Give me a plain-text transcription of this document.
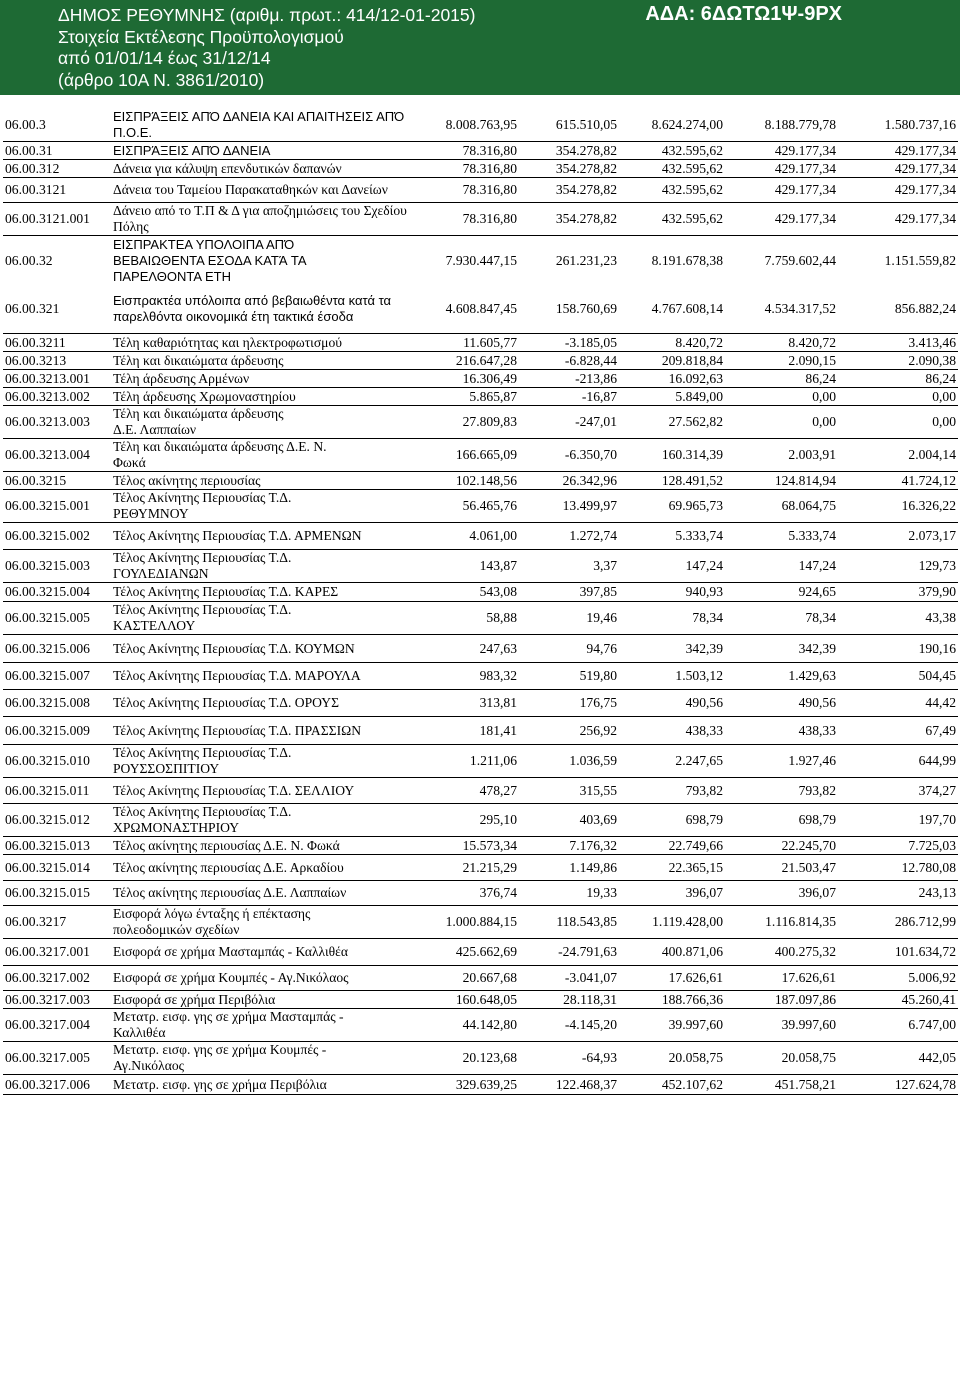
ΔΗΜΟΣ ΡΕΘΥΜΝΗΣ (αριθμ. πρωτ.: 414/12-01-2015)
Στοιχεία Εκτέλεσης Προϋπολογισμού
από 01/01/14 έως 31/12/14
(άρθρο 10Α Ν. 3861/2010)
ΑΔΑ: 6ΔΩΤΩ1Ψ-9ΡΧ
06.00.3	ΕΙΣΠΡΆΞΕΙΣ ΑΠΌ ΔΑΝΕΙΑ ΚΑΙ ΑΠΑΙΤΗΣΕΙΣ ΑΠΌ Π.Ο.Ε.	8.008.763,95	615.510,05	8.624.274,00	8.188.779,78	1.580.737,16
06.00.31	ΕΙΣΠΡΆΞΕΙΣ ΑΠΌ ΔΑΝΕΙΑ	78.316,80	354.278,82	432.595,62	429.177,34	429.177,34
06.00.312	Δάνεια για κάλυψη επενδυτικών δαπανών	78.316,80	354.278,82	432.595,62	429.177,34	429.177,34
06.00.3121	Δάνεια του Ταμείου Παρακαταθηκών και Δανείων	78.316,80	354.278,82	432.595,62	429.177,34	429.177,34
06.00.3121.001	Δάνειο από το Τ.Π & Δ για αποζημιώσεις του Σχεδίου Πόλης	78.316,80	354.278,82	432.595,62	429.177,34	429.177,34
06.00.32	ΕΙΣΠΡΑΚΤΕΑ ΥΠΟΛΟΙΠΑ ΑΠΌ ΒΕΒΑΙΩΘΕΝΤΑ ΕΣΟΔΑ ΚΑΤΆ ΤΑ ΠΑΡΕΛΘΟΝΤΑ ΕΤΗ	7.930.447,15	261.231,23	8.191.678,38	7.759.602,44	1.151.559,82
06.00.321	Εισπρακτέα υπόλοιπα από βεβαιωθέντα κατά τα παρελθόντα οικονομικά έτη τακτικά έσοδα	4.608.847,45	158.760,69	4.767.608,14	4.534.317,52	856.882,24
06.00.3211	Τέλη καθαριότητας και ηλεκτροφωτισμού	11.605,77	-3.185,05	8.420,72	8.420,72	3.413,46
06.00.3213	Τέλη και δικαιώματα άρδευσης	216.647,28	-6.828,44	209.818,84	2.090,15	2.090,38
06.00.3213.001	Τέλη άρδευσης Αρμένων	16.306,49	-213,86	16.092,63	86,24	86,24
06.00.3213.002	Τέλη άρδευσης Χρωμοναστηρίου	5.865,87	-16,87	5.849,00	0,00	0,00
06.00.3213.003	Τέλη και δικαιώματα άρδευσης Δ.Ε. Λαππαίων	27.809,83	-247,01	27.562,82	0,00	0,00
06.00.3213.004	Τέλη και δικαιώματα άρδευσης Δ.Ε. Ν. Φωκά	166.665,09	-6.350,70	160.314,39	2.003,91	2.004,14
06.00.3215	Τέλος ακίνητης περιουσίας	102.148,56	26.342,96	128.491,52	124.814,94	41.724,12
06.00.3215.001	Τέλος Ακίνητης Περιουσίας Τ.Δ. ΡΕΘΥΜΝΟΥ	56.465,76	13.499,97	69.965,73	68.064,75	16.326,22
06.00.3215.002	Τέλος Ακίνητης Περιουσίας Τ.Δ. ΑΡΜΕΝΩΝ	4.061,00	1.272,74	5.333,74	5.333,74	2.073,17
06.00.3215.003	Τέλος Ακίνητης Περιουσίας Τ.Δ. ΓΟΥΛΕΔΙΑΝΩΝ	143,87	3,37	147,24	147,24	129,73
06.00.3215.004	Τέλος Ακίνητης Περιουσίας Τ.Δ. ΚΑΡΕΣ	543,08	397,85	940,93	924,65	379,90
06.00.3215.005	Τέλος Ακίνητης Περιουσίας Τ.Δ. ΚΑΣΤΕΛΛΟΥ	58,88	19,46	78,34	78,34	43,38
06.00.3215.006	Τέλος Ακίνητης Περιουσίας Τ.Δ. ΚΟΥΜΩΝ	247,63	94,76	342,39	342,39	190,16
06.00.3215.007	Τέλος Ακίνητης Περιουσίας Τ.Δ. ΜΑΡΟΥΛΑ	983,32	519,80	1.503,12	1.429,63	504,45
06.00.3215.008	Τέλος Ακίνητης Περιουσίας Τ.Δ. ΟΡΟΥΣ	313,81	176,75	490,56	490,56	44,42
06.00.3215.009	Τέλος Ακίνητης Περιουσίας Τ.Δ. ΠΡΑΣΣΙΩΝ	181,41	256,92	438,33	438,33	67,49
06.00.3215.010	Τέλος Ακίνητης Περιουσίας Τ.Δ. ΡΟΥΣΣΟΣΠΙΤΙΟΥ	1.211,06	1.036,59	2.247,65	1.927,46	644,99
06.00.3215.011	Τέλος Ακίνητης Περιουσίας Τ.Δ. ΣΕΛΛΙΟΥ	478,27	315,55	793,82	793,82	374,27
06.00.3215.012	Τέλος Ακίνητης Περιουσίας Τ.Δ. ΧΡΩΜΟΝΑΣΤΗΡΙΟΥ	295,10	403,69	698,79	698,79	197,70
06.00.3215.013	Τέλος ακίνητης περιουσίας Δ.Ε. Ν. Φωκά	15.573,34	7.176,32	22.749,66	22.245,70	7.725,03
06.00.3215.014	Τέλος ακίνητης περιουσίας Δ.Ε. Αρκαδίου	21.215,29	1.149,86	22.365,15	21.503,47	12.780,08
06.00.3215.015	Τέλος ακίνητης περιουσίας Δ.Ε. Λαππαίων	376,74	19,33	396,07	396,07	243,13
06.00.3217	Εισφορά λόγω ένταξης ή επέκτασης πολεοδομικών σχεδίων	1.000.884,15	118.543,85	1.119.428,00	1.116.814,35	286.712,99
06.00.3217.001	Εισφορά σε χρήμα Μασταμπάς - Καλλιθέα	425.662,69	-24.791,63	400.871,06	400.275,32	101.634,72
06.00.3217.002	Εισφορά σε χρήμα Κουμπές - Αγ.Νικόλαος	20.667,68	-3.041,07	17.626,61	17.626,61	5.006,92
06.00.3217.003	Εισφορά σε χρήμα Περιβόλια	160.648,05	28.118,31	188.766,36	187.097,86	45.260,41
06.00.3217.004	Μετατρ. εισφ. γης σε χρήμα Μασταμπάς - Καλλιθέα	44.142,80	-4.145,20	39.997,60	39.997,60	6.747,00
06.00.3217.005	Μετατρ. εισφ. γης σε χρήμα Κουμπές - Αγ.Νικόλαος	20.123,68	-64,93	20.058,75	20.058,75	442,05
06.00.3217.006	Μετατρ. εισφ. γης σε χρήμα Περιβόλια	329.639,25	122.468,37	452.107,62	451.758,21	127.624,78
